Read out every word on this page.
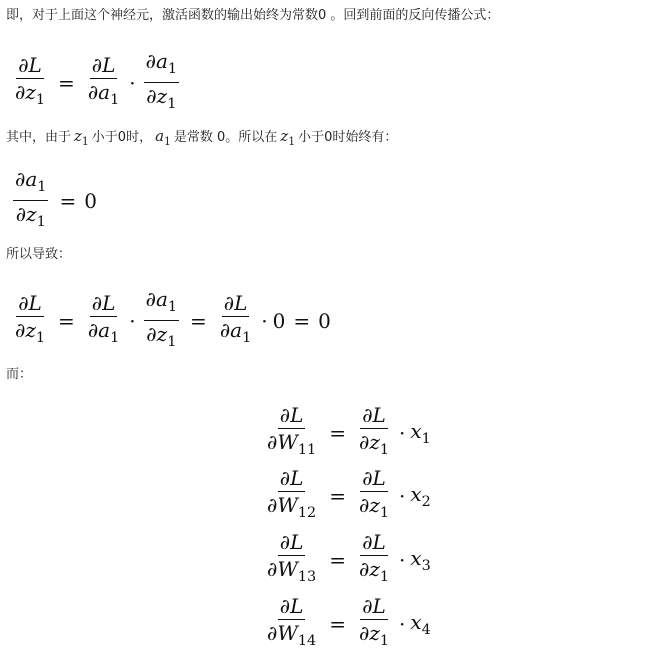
即，对于上面这个神经元，激活函数的输出始终为常数0 。回到前面的反向传播公式：
$\frac{\partial L}{\partial z_1} = \frac{\partial L}{\partial a_1} \cdot \frac{\partial a_1}{\partial z_1}$
其中，由于 $z_1$ 小于0时， $a_1$ 是常数 0。所以在 $z_1$ 小于0时始终有：
$\frac{\partial a_1}{\partial z_1} = 0$
所以导致：
$\frac{\partial L}{\partial z_1} = \frac{\partial L}{\partial a_1} \cdot \frac{\partial a_1}{\partial z_1} = \frac{\partial L}{\partial a_1} \cdot 0 = 0$
而：
$\frac{\partial L}{\partial W_{11}} = \frac{\partial L}{\partial z_1} \cdot x_1$
$\frac{\partial L}{\partial W_{12}} = \frac{\partial L}{\partial z_1} \cdot x_2$
$\frac{\partial L}{\partial W_{13}} = \frac{\partial L}{\partial z_1} \cdot x_3$
$\frac{\partial L}{\partial W_{14}} = \frac{\partial L}{\partial z_1} \cdot x_4$
